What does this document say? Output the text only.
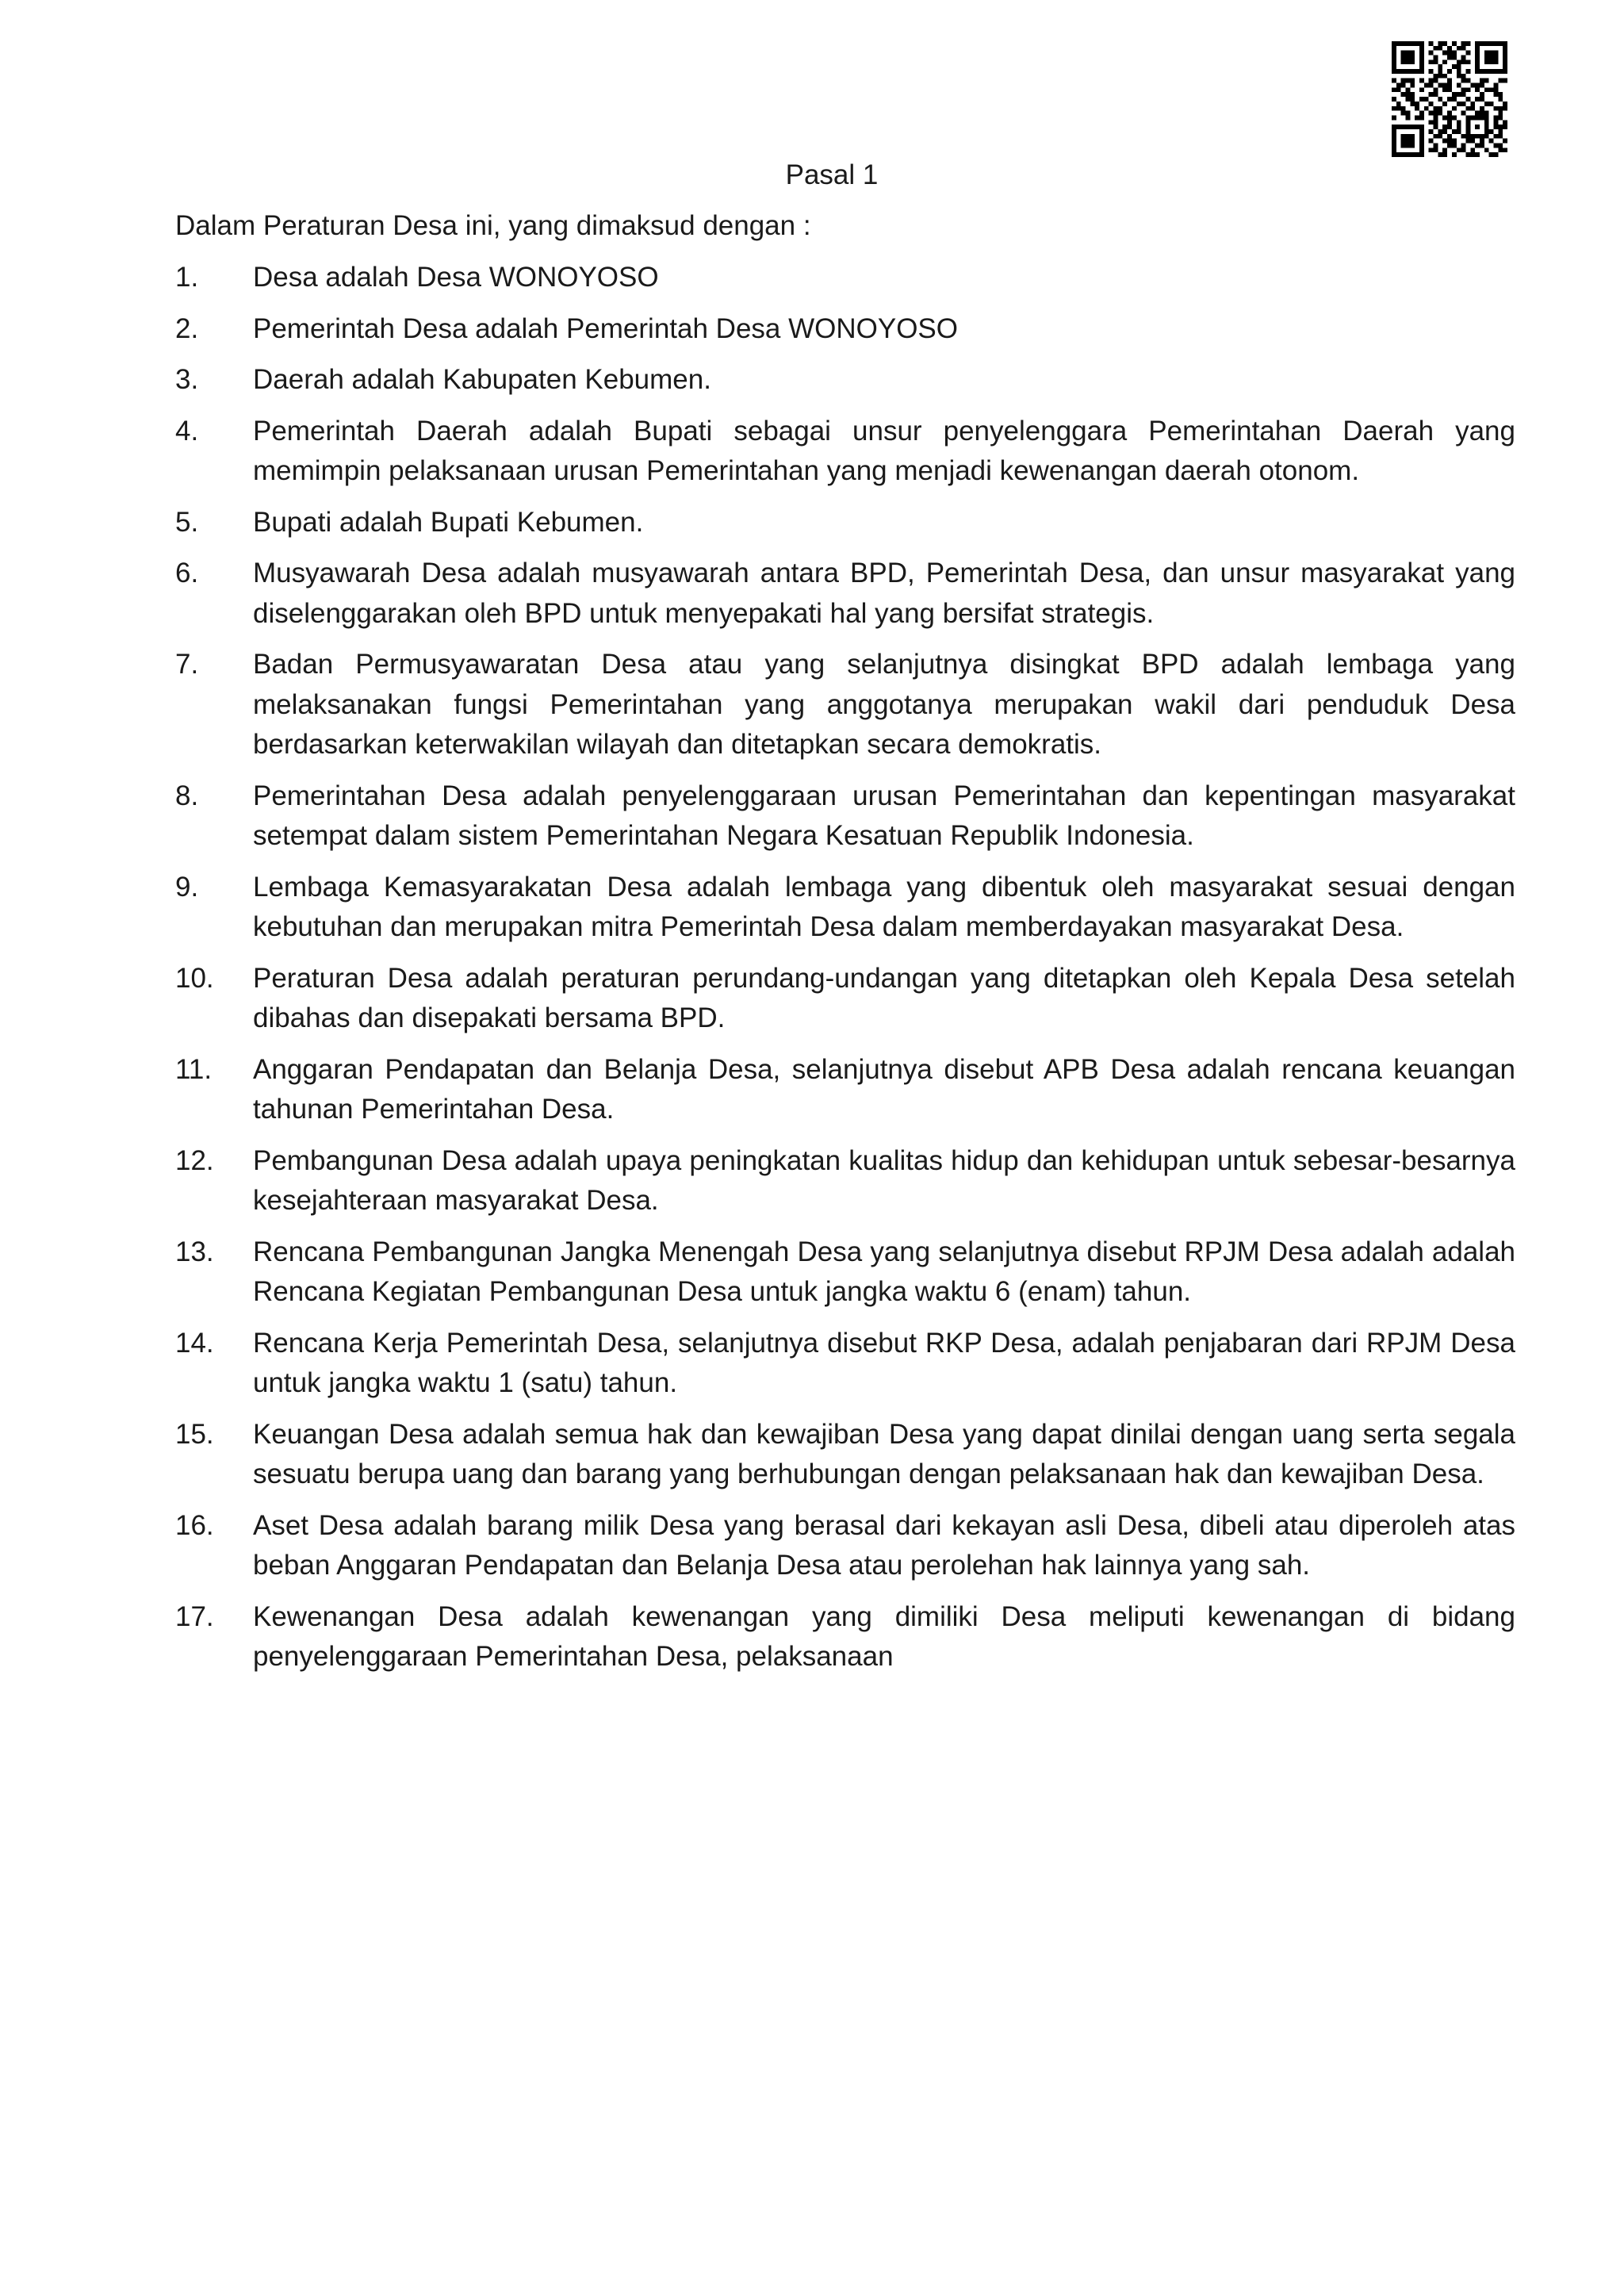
Pasal 1
Dalam Peraturan Desa ini, yang dimaksud dengan :
1.	Desa adalah Desa WONOYOSO
2.	Pemerintah Desa adalah Pemerintah Desa WONOYOSO
3.	Daerah adalah Kabupaten Kebumen.
4.	Pemerintah Daerah adalah Bupati sebagai unsur penyelenggara Pemerintahan Daerah yang memimpin pelaksanaan urusan Pemerintahan yang menjadi kewenangan daerah otonom.
5.	Bupati adalah Bupati Kebumen.
6.	Musyawarah Desa adalah musyawarah antara BPD, Pemerintah Desa, dan unsur masyarakat yang diselenggarakan oleh BPD untuk menyepakati hal yang bersifat strategis.
7.	Badan Permusyawaratan Desa atau yang selanjutnya disingkat BPD adalah lembaga yang melaksanakan fungsi Pemerintahan yang anggotanya merupakan wakil dari penduduk Desa berdasarkan keterwakilan wilayah dan ditetapkan secara demokratis.
8.	Pemerintahan Desa adalah penyelenggaraan urusan Pemerintahan dan kepentingan masyarakat setempat dalam sistem Pemerintahan Negara Kesatuan Republik Indonesia.
9.	Lembaga Kemasyarakatan Desa adalah lembaga yang dibentuk oleh masyarakat sesuai dengan kebutuhan dan merupakan mitra Pemerintah Desa dalam memberdayakan masyarakat Desa.
10.	Peraturan Desa adalah peraturan perundang-undangan yang ditetapkan oleh Kepala Desa setelah dibahas dan disepakati bersama BPD.
11.	Anggaran Pendapatan dan Belanja Desa, selanjutnya disebut APB Desa adalah rencana keuangan tahunan Pemerintahan Desa.
12.	Pembangunan Desa adalah upaya peningkatan kualitas hidup dan kehidupan untuk sebesar-besarnya kesejahteraan masyarakat Desa.
13.	Rencana Pembangunan Jangka Menengah Desa yang selanjutnya disebut RPJM Desa adalah adalah Rencana Kegiatan Pembangunan Desa untuk jangka waktu 6 (enam) tahun.
14.	Rencana Kerja Pemerintah Desa, selanjutnya disebut RKP Desa, adalah penjabaran dari RPJM Desa untuk jangka waktu 1 (satu) tahun.
15.	Keuangan Desa adalah semua hak dan kewajiban Desa yang dapat dinilai dengan uang serta segala sesuatu berupa uang dan barang yang berhubungan dengan pelaksanaan hak dan kewajiban Desa.
16.	Aset Desa adalah barang milik Desa yang berasal dari kekayan asli Desa, dibeli atau diperoleh atas beban Anggaran Pendapatan dan Belanja Desa atau perolehan hak lainnya yang sah.
17.	Kewenangan Desa adalah kewenangan yang dimiliki Desa meliputi kewenangan di bidang penyelenggaraan Pemerintahan Desa, pelaksanaan
